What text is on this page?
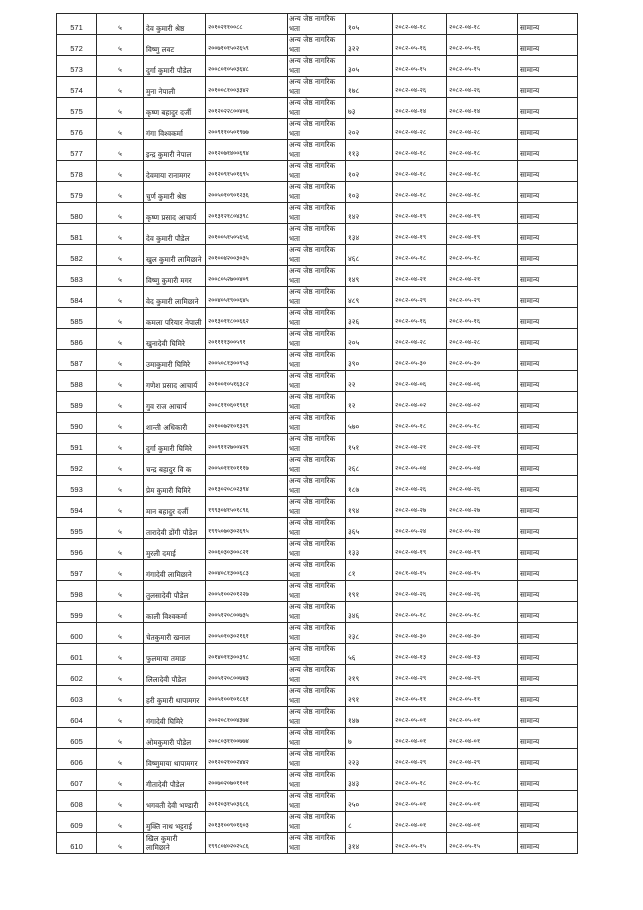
571	५	देव कुमारी श्रेष्ठ	२०१०२११००८८	अन्य जेष्ठ नागरिक भता	१०५	२०८२-०४-१८	२०८२-०४-१८	सामान्य
572	५	विष्णु लवट	२००७१०१५०२६५९	अन्य जेष्ठ नागरिक भता	३२२	२०८२-०५-१६	२०८२-०५-१६	सामान्य
573	५	दुर्गा कुमारी पौडेल	२००८०१०५०३६४८	अन्य जेष्ठ नागरिक भता	३०५	२०८२-०५-१५	२०८२-०५-१५	सामान्य
574	५	मुना नेपाली	२०१००८१००३३४२	अन्य जेष्ठ नागरिक भता	१७८	२०८२-०४-२६	२०८२-०४-२६	सामान्य
575	५	कृष्ण बहादुर दर्जी	२०१२०२२८००४०६	अन्य जेष्ठ नागरिक भता	७३	२०८२-०४-१४	२०८२-०४-१४	सामान्य
576	५	गंगा विश्वकर्मा	२००९११०५०१९७७	अन्य जेष्ठ नागरिक भता	२०२	२०८२-०४-२८	२०८२-०४-२८	सामान्य
577	५	इन्द्र कुमारी नेपाल	२०१२०७१४००६९४	अन्य जेष्ठ नागरिक भता	११३	२०८२-०४-१८	२०८२-०४-१८	सामान्य
578	५	देवमाया रानामगर	२०१२०९१५०१६९५	अन्य जेष्ठ नागरिक भता	१०२	२०८२-०४-१८	२०८२-०४-१८	सामान्य
579	५	चुर्ण कुमारी श्रेष्ठ	२००५०१०९०१२३६	अन्य जेष्ठ नागरिक भता	१०३	२०८२-०४-१८	२०८२-०४-१८	सामान्य
580	५	कृष्ण प्रसाद आचार्य	२०१३१२१८०४३९८	अन्य जेष्ठ नागरिक भता	१४२	२०८२-०४-१९	२०८२-०४-१९	सामान्य
581	५	देव कुमारी पौडेल	२०१००५१५०५६५६	अन्य जेष्ठ नागरिक भता	१३४	२०८२-०४-१९	२०८२-०४-१९	सामान्य
582	५	खुल कुमारी लामिछाने	२०१००४२००३०३५	अन्य जेष्ठ नागरिक भता	४६८	२०८२-०५-१८	२०८२-०५-१८	सामान्य
583	५	विष्णु कुमारी मगर	२००८०५२७००४०९	अन्य जेष्ठ नागरिक भता	१४९	२०८२-०४-२१	२०८२-०४-२१	सामान्य
584	५	वेद कुमारी लामिछाने	२००४०५१९००६४५	अन्य जेष्ठ नागरिक भता	४८९	२०८२-०५-२९	२०८२-०५-२९	सामान्य
585	५	कमला परियार नेपाली	२०१३०११८००६६२	अन्य जेष्ठ नागरिक भता	३२६	२०८२-०५-१६	२०८२-०५-१६	सामान्य
586	५	खुनादेवी घिमिरे	२०११११३००५९१	अन्य जेष्ठ नागरिक भता	२०५	२०८२-०४-२८	२०८२-०४-२८	सामान्य
587	५	उमाकुमारी घिमिरे	२००५०८१३००९५३	अन्य जेष्ठ नागरिक भता	३९०	२०८२-०५-३०	२०८२-०५-३०	सामान्य
588	५	गणेश प्रसाद आचार्य	२०१००१०५१६३८२	अन्य जेष्ठ नागरिक भता	२२	२०८२-०४-०६	२०८२-०४-०६	सामान्य
589	५	गुव राज आचार्य	२००८११०६०१९६१	अन्य जेष्ठ नागरिक भता	१२	२०८२-०४-०२	२०८२-०४-०२	सामान्य
590	५	शान्ती अधिकारी	२०१००७२१०१३२९	अन्य जेष्ठ नागरिक भता	५७०	२०८२-०५-१८	२०८२-०५-१८	सामान्य
591	५	दुर्गा कुमारी घिमिरे	२००९११२७००४२९	अन्य जेष्ठ नागरिक भता	१५१	२०८२-०४-२१	२०८२-०४-२१	सामान्य
592	५	चन्द्र बहादुर वि क	२००५०१११०१११७	अन्य जेष्ठ नागरिक भता	२६८	२०८२-०५-०४	२०८२-०५-०४	सामान्य
593	५	प्रेम कुमारी घिमिरे	२०१३०२०८०२३९४	अन्य जेष्ठ नागरिक भता	१८७	२०८२-०४-२६	२०८२-०४-२६	सामान्य
594	५	मान बहादुर दर्जी	१९९३०४१५०१८९६	अन्य जेष्ठ नागरिक भता	१९४	२०८२-०४-२७	२०८२-०४-२७	सामान्य
595	५	तारादेवी डोंगी पौडेल	१९९५०७०३०२६९५	अन्य जेष्ठ नागरिक भता	३६५	२०८२-०५-२४	२०८२-०५-२४	सामान्य
596	५	मुरली दमाई	२००६०३०३००८२१	अन्य जेष्ठ नागरिक भता	१३३	२०८२-०४-१९	२०८२-०४-१९	सामान्य
597	५	गंगादेवी लामिछाने	२००४०८१३००६८३	अन्य जेष्ठ नागरिक भता	८१	२०८१-०४-१५	२०८२-०४-१५	सामान्य
598	५	तुलसादेवी पौडेल	२००५१००२०१२२७	अन्य जेष्ठ नागरिक भता	१९१	२०८२-०४-२६	२०८२-०४-२६	सामान्य
599	५	काली विश्वकर्मा	२००५१२०८००७३५	अन्य जेष्ठ नागरिक भता	३४६	२०८२-०५-१८	२०८२-०५-१८	सामान्य
600	५	चेतकुमारी खनाल	२००५०१०३०२१६१	अन्य जेष्ठ नागरिक भता	२३८	२०८२-०४-३०	२०८२-०४-३०	सामान्य
601	५	फुलमाया तमाङ	२०१४०११३००३९८	अन्य जेष्ठ नागरिक भता	५६	२०८२-०४-१३	२०८२-०४-१३	सामान्य
602	५	लिलादेवी पौडेल	२००५१२०८००७४३	अन्य जेष्ठ नागरिक भता	२१९	२०८२-०४-२९	२०८२-०४-२९	सामान्य
603	५	हरी कुमारी थापामगर	२००५१००१०१८६१	अन्य जेष्ठ नागरिक भता	२९१	२०८२-०५-११	२०८२-०५-११	सामान्य
604	५	गंगादेवी घिमिरे	२००२०८१००४३७४	अन्य जेष्ठ नागरिक भता	१४७	२०८२-०५-०१	२०८२-०५-०१	सामान्य
605	५	ओमकुमारी पौडेल	२००८०३११००७७४	अन्य जेष्ठ नागरिक भता	७	२०८२-०४-०१	२०८२-०४-०१	सामान्य
606	५	विष्णुमाया थापामगर	२०१२०२१००२४४२	अन्य जेष्ठ नागरिक भता	२२३	२०८२-०४-२९	२०८२-०४-२९	सामान्य
607	५	गीतादेवी पौडेल	२००७०२०७०११०१	अन्य जेष्ठ नागरिक भता	३४३	२०८२-०५-१८	२०८२-०५-१८	सामान्य
608	५	भगवती देवी भण्डारी	२०१२०३१५०३६८६	अन्य जेष्ठ नागरिक भता	२५०	२०८२-०५-०१	२०८२-०५-०१	सामान्य
609	५	मुक्ति नाथ भट्टराई	२०१३१००९०१६०३	अन्य जेष्ठ नागरिक भता	८	२०८२-०४-०१	२०८२-०४-०१	सामान्य
610	५	खिल कुमारी लामिछाने	१९९८०४०२०२५८६	अन्य जेष्ठ नागरिक भता	३१४	२०८२-०५-१५	२०८२-०५-१५	सामान्य
